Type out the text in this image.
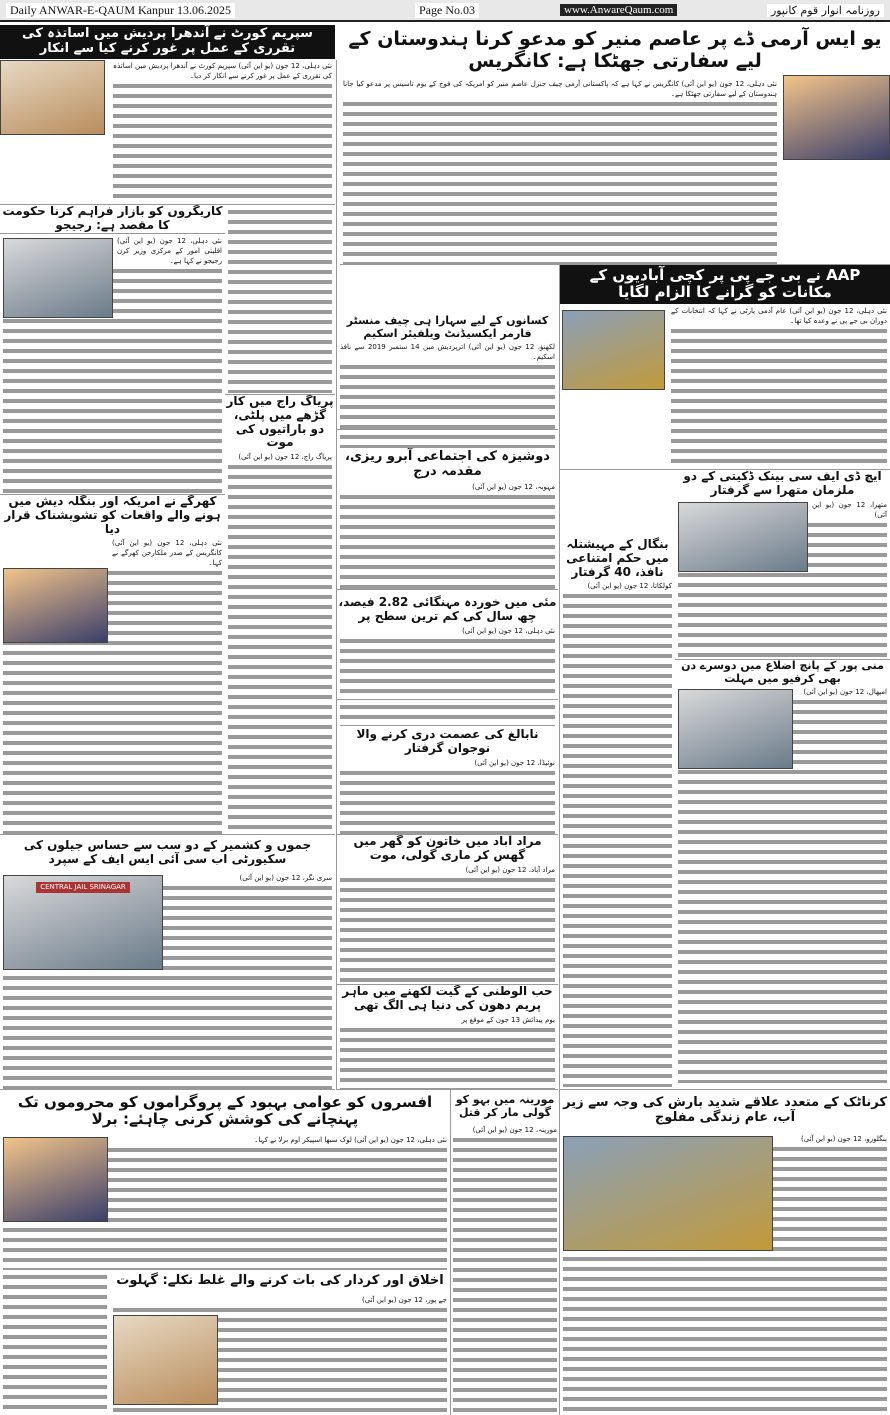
Daily ANWAR-E-QAUM Kanpur 13.06.2025	Page No.03	www.AnwareQaum.com	روزنامہ انوار قوم کانپور
سپریم کورٹ نے آندھرا پردیش میں اساتذہ کی تقرری کے عمل پر غور کرنے کیا سے انکار
نئی دہلی، 12 جون (یو این آئی) سپریم کورٹ نے آندھرا پردیش میں اساتذہ کی تقرری کے عمل پر غور کرنے سے انکار کر دیا۔
یو ایس آرمی ڈے پر عاصم منیر کو مدعو کرنا ہندوستان کے لیے سفارتی جھٹکا ہے: کانگریس
نئی دہلی، 12 جون (یو این آئی) کانگریس نے کہا ہے کہ پاکستانی آرمی چیف جنرل عاصم منیر کو امریکہ کی فوج کے یوم تاسیس پر مدعو کیا جانا ہندوستان کے لیے سفارتی جھٹکا ہے۔
AAP نے بی جے پی پر کچی آبادیوں کے مکانات کو گرانے کا الزام لگایا
نئی دہلی، 12 جون (یو این آئی) عام آدمی پارٹی نے کہا کہ انتخابات کے دوران بی جے پی نے وعدہ کیا تھا۔
کاریگروں کو بازار فراہم کرنا حکومت کا مقصد ہے: رجیجو
نئی دہلی، 12 جون (یو این آئی) اقلیتی امور کے مرکزی وزیر کرن رجیجو نے کہا ہے۔
پریاگ راج میں کار گڑھے میں پلٹی، دو باراتیوں کی موت
پریاگ راج، 12 جون (یو این آئی)
کسانوں کے لیے سہارا ہی چیف منسٹر فارمر ایکسیڈنٹ ویلفیئر اسکیم
لکھنؤ، 12 جون (یو این آئی) اترپردیش میں 14 ستمبر 2019 سے نافذ اسکیم۔
دوشیزہ کی اجتماعی آبرو ریزی، مقدمہ درج
مہوبہ، 12 جون (یو این آئی)
ایچ ڈی ایف سی بینک ڈکیتی کے دو ملزمان متھرا سے گرفتار
متھرا، 12 جون (یو این آئی)
بنگال کے مہیشتلہ میں حکم امتناعی نافذ، 40 گرفتار
کولکاتا، 12 جون (یو این آئی)
مئی میں خوردہ مہنگائی 2.82 فیصد، چھ سال کی کم ترین سطح پر
نئی دہلی، 12 جون (یو این آئی)
کھرگے نے امریکہ اور بنگلہ دیش میں ہونے والے واقعات کو تشویشناک قرار دیا
نئی دہلی، 12 جون (یو این آئی) کانگریس کے صدر ملکارجن کھرگے نے کہا۔
نابالغ کی عصمت دری کرنے والا نوجوان گرفتار
نوئیڈا، 12 جون (یو این آئی)
منی پور کے پانچ اضلاع میں دوسرے دن بھی کرفیو میں مہلت
امپھال، 12 جون (یو این آئی)
جموں و کشمیر کے دو سب سے حساس جیلوں کی سکیورٹی اب سی آئی ایس ایف کے سپرد
CENTRAL JAIL SRINAGAR
سری نگر، 12 جون (یو این آئی)
مراد آباد میں خاتون کو گھر میں گھس کر ماری گولی، موت
مراد آباد، 12 جون (یو این آئی)
حب الوطنی کے گیت لکھنے میں ماہر پریم دھون کی دنیا ہی الگ تھی
یوم پیدائش 13 جون کے موقع پر
افسروں کو عوامی بہبود کے پروگراموں کو محروموں تک پہنچانے کی کوشش کرنی چاہئے: برلا
نئی دہلی، 12 جون (یو این آئی) لوک سبھا اسپیکر اوم برلا نے کہا۔
اخلاق اور کردار کی بات کرنے والے غلط نکلے: گہلوت
جے پور، 12 جون (یو این آئی)
مورینہ میں بہو کو گولی مار کر قتل
مورینہ، 12 جون (یو این آئی)
کرناٹک کے متعدد علاقے شدید بارش کی وجہ سے زیر آب، عام زندگی مفلوج
بنگلورو، 12 جون (یو این آئی)
